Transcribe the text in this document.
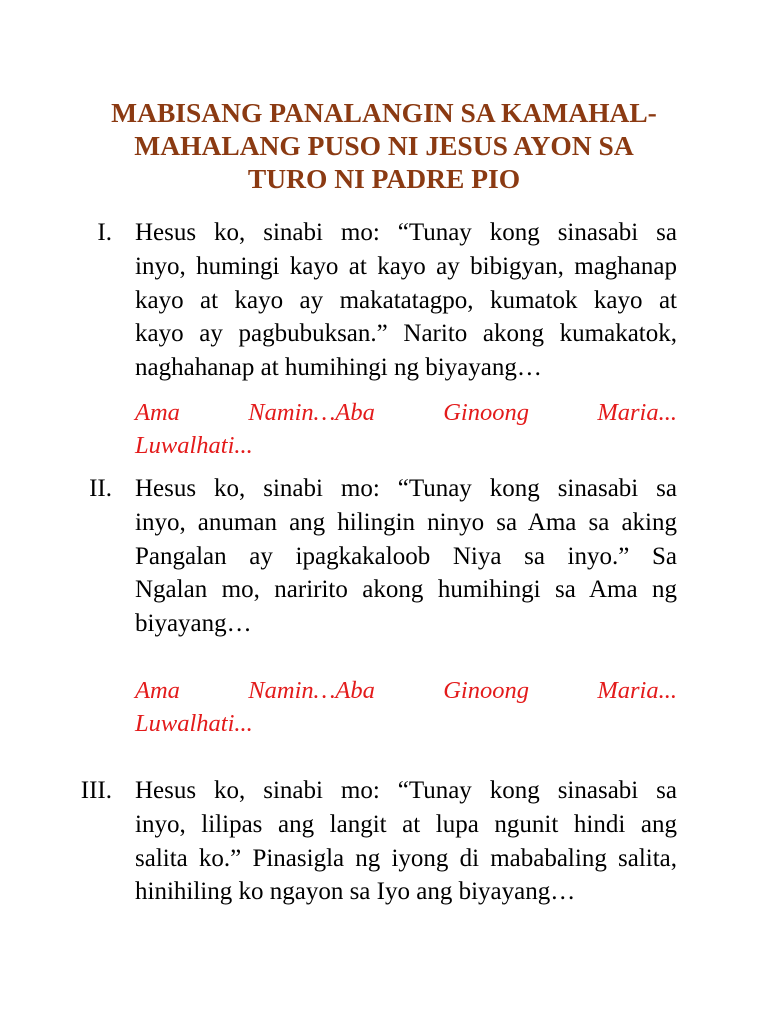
MABISANG PANALANGIN SA KAMAHAL-
MAHALANG PUSO NI JESUS AYON SA
TURO NI PADRE PIO
I. Hesus ko, sinabi mo: “Tunay kong sinasabi sa
inyo, humingi kayo at kayo ay bibigyan, maghanap
kayo at kayo ay makatatagpo, kumatok kayo at
kayo ay pagbubuksan.” Narito akong kumakatok,
naghahanap at humihingi ng biyayang…
Ama	Namin…Aba	Ginoong	Maria...
Luwalhati...
II. Hesus ko, sinabi mo: “Tunay kong sinasabi sa
inyo, anuman ang hilingin ninyo sa Ama sa aking
Pangalan ay ipagkakaloob Niya sa inyo.” Sa
Ngalan mo, naririto akong humihingi sa Ama ng
biyayang…
Ama	Namin…Aba	Ginoong	Maria...
Luwalhati...
III. Hesus ko, sinabi mo: “Tunay kong sinasabi sa
inyo, lilipas ang langit at lupa ngunit hindi ang
salita ko.” Pinasigla ng iyong di mababaling salita,
hinihiling ko ngayon sa Iyo ang biyayang…
